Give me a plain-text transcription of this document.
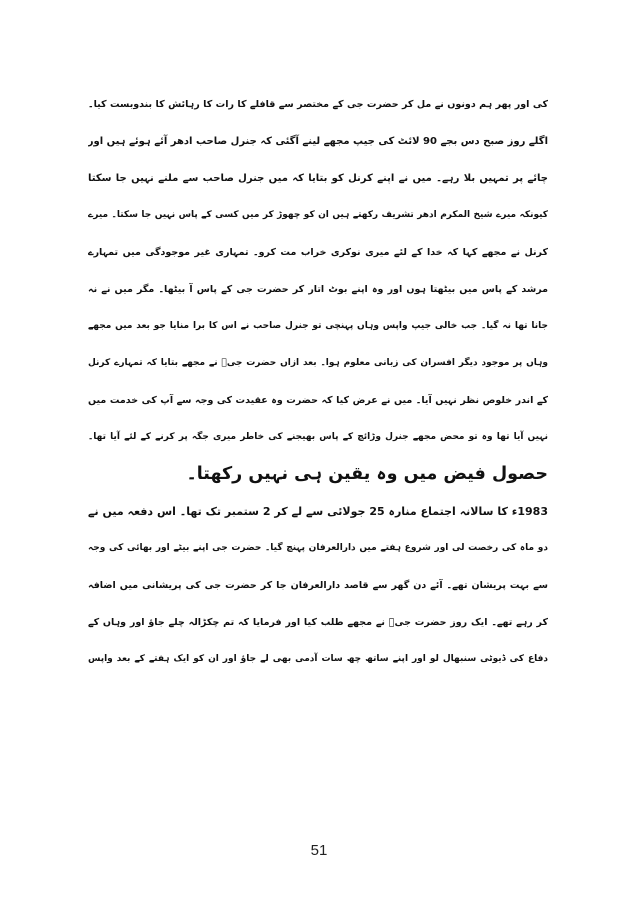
کی اور پھر ہم دونوں نے مل کر حضرت جی کے مختصر سے قافلے کا رات کا رہائش کا بندوبست کیا۔
اگلے روز صبح دس بجے 90 لائٹ کی جیپ مجھے لینے آگئی کہ جنرل صاحب ادھر آئے ہوئے ہیں اور
چائے پر تمہیں بلا رہے۔ میں نے اپنے کرنل کو بتایا کہ میں جنرل صاحب سے ملنے نہیں جا سکتا
کیونکہ میرے شیخ المکرم ادھر تشریف رکھتے ہیں ان کو چھوڑ کر میں کسی کے پاس نہیں جا سکتا۔ میرے
کرنل نے مجھے کہا کہ خدا کے لئے میری نوکری خراب مت کرو۔ تمہاری غیر موجودگی میں تمہارے
مرشد کے پاس میں بیٹھتا ہوں اور وہ اپنے بوٹ اتار کر حضرت جی کے پاس آ بیٹھا۔ مگر میں نے نہ
جانا تھا نہ گیا۔ جب خالی جیپ واپس وہاں پہنچی تو جنرل صاحب نے اس کا برا منایا جو بعد میں مجھے
وہاں پر موجود دیگر افسران کی زبانی معلوم ہوا۔ بعد ازاں حضرت جیؒ نے مجھے بتایا کہ تمہارے کرنل
کے اندر خلوص نظر نہیں آیا۔ میں نے عرض کیا کہ حضرت وہ عقیدت کی وجہ سے آپ کی خدمت میں
نہیں آیا تھا وہ تو محض مجھے جنرل وڑائچ کے پاس بھیجنے کی خاطر میری جگہ پر کرنے کے لئے آیا تھا۔
حصول فیض میں وہ یقین ہی نہیں رکھتا۔
1983ء کا سالانہ اجتماع منارہ 25 جولائی سے لے کر 2 ستمبر تک تھا۔ اس دفعہ میں نے
دو ماہ کی رخصت لی اور شروع ہفتے میں دارالعرفان پہنچ گیا۔ حضرت جی اپنے بیٹے اور بھائی کی وجہ
سے بہت پریشان تھے۔ آئے دن گھر سے قاصد دارالعرفان جا کر حضرت جی کی پریشانی میں اضافہ
کر رہے تھے۔ ایک روز حضرت جیؒ نے مجھے طلب کیا اور فرمایا کہ تم چکڑالہ چلے جاؤ اور وہاں کے
دفاع کی ڈیوٹی سنبھال لو اور اپنے ساتھ چھ سات آدمی بھی لے جاؤ اور ان کو ایک ہفتے کے بعد واپس
51
